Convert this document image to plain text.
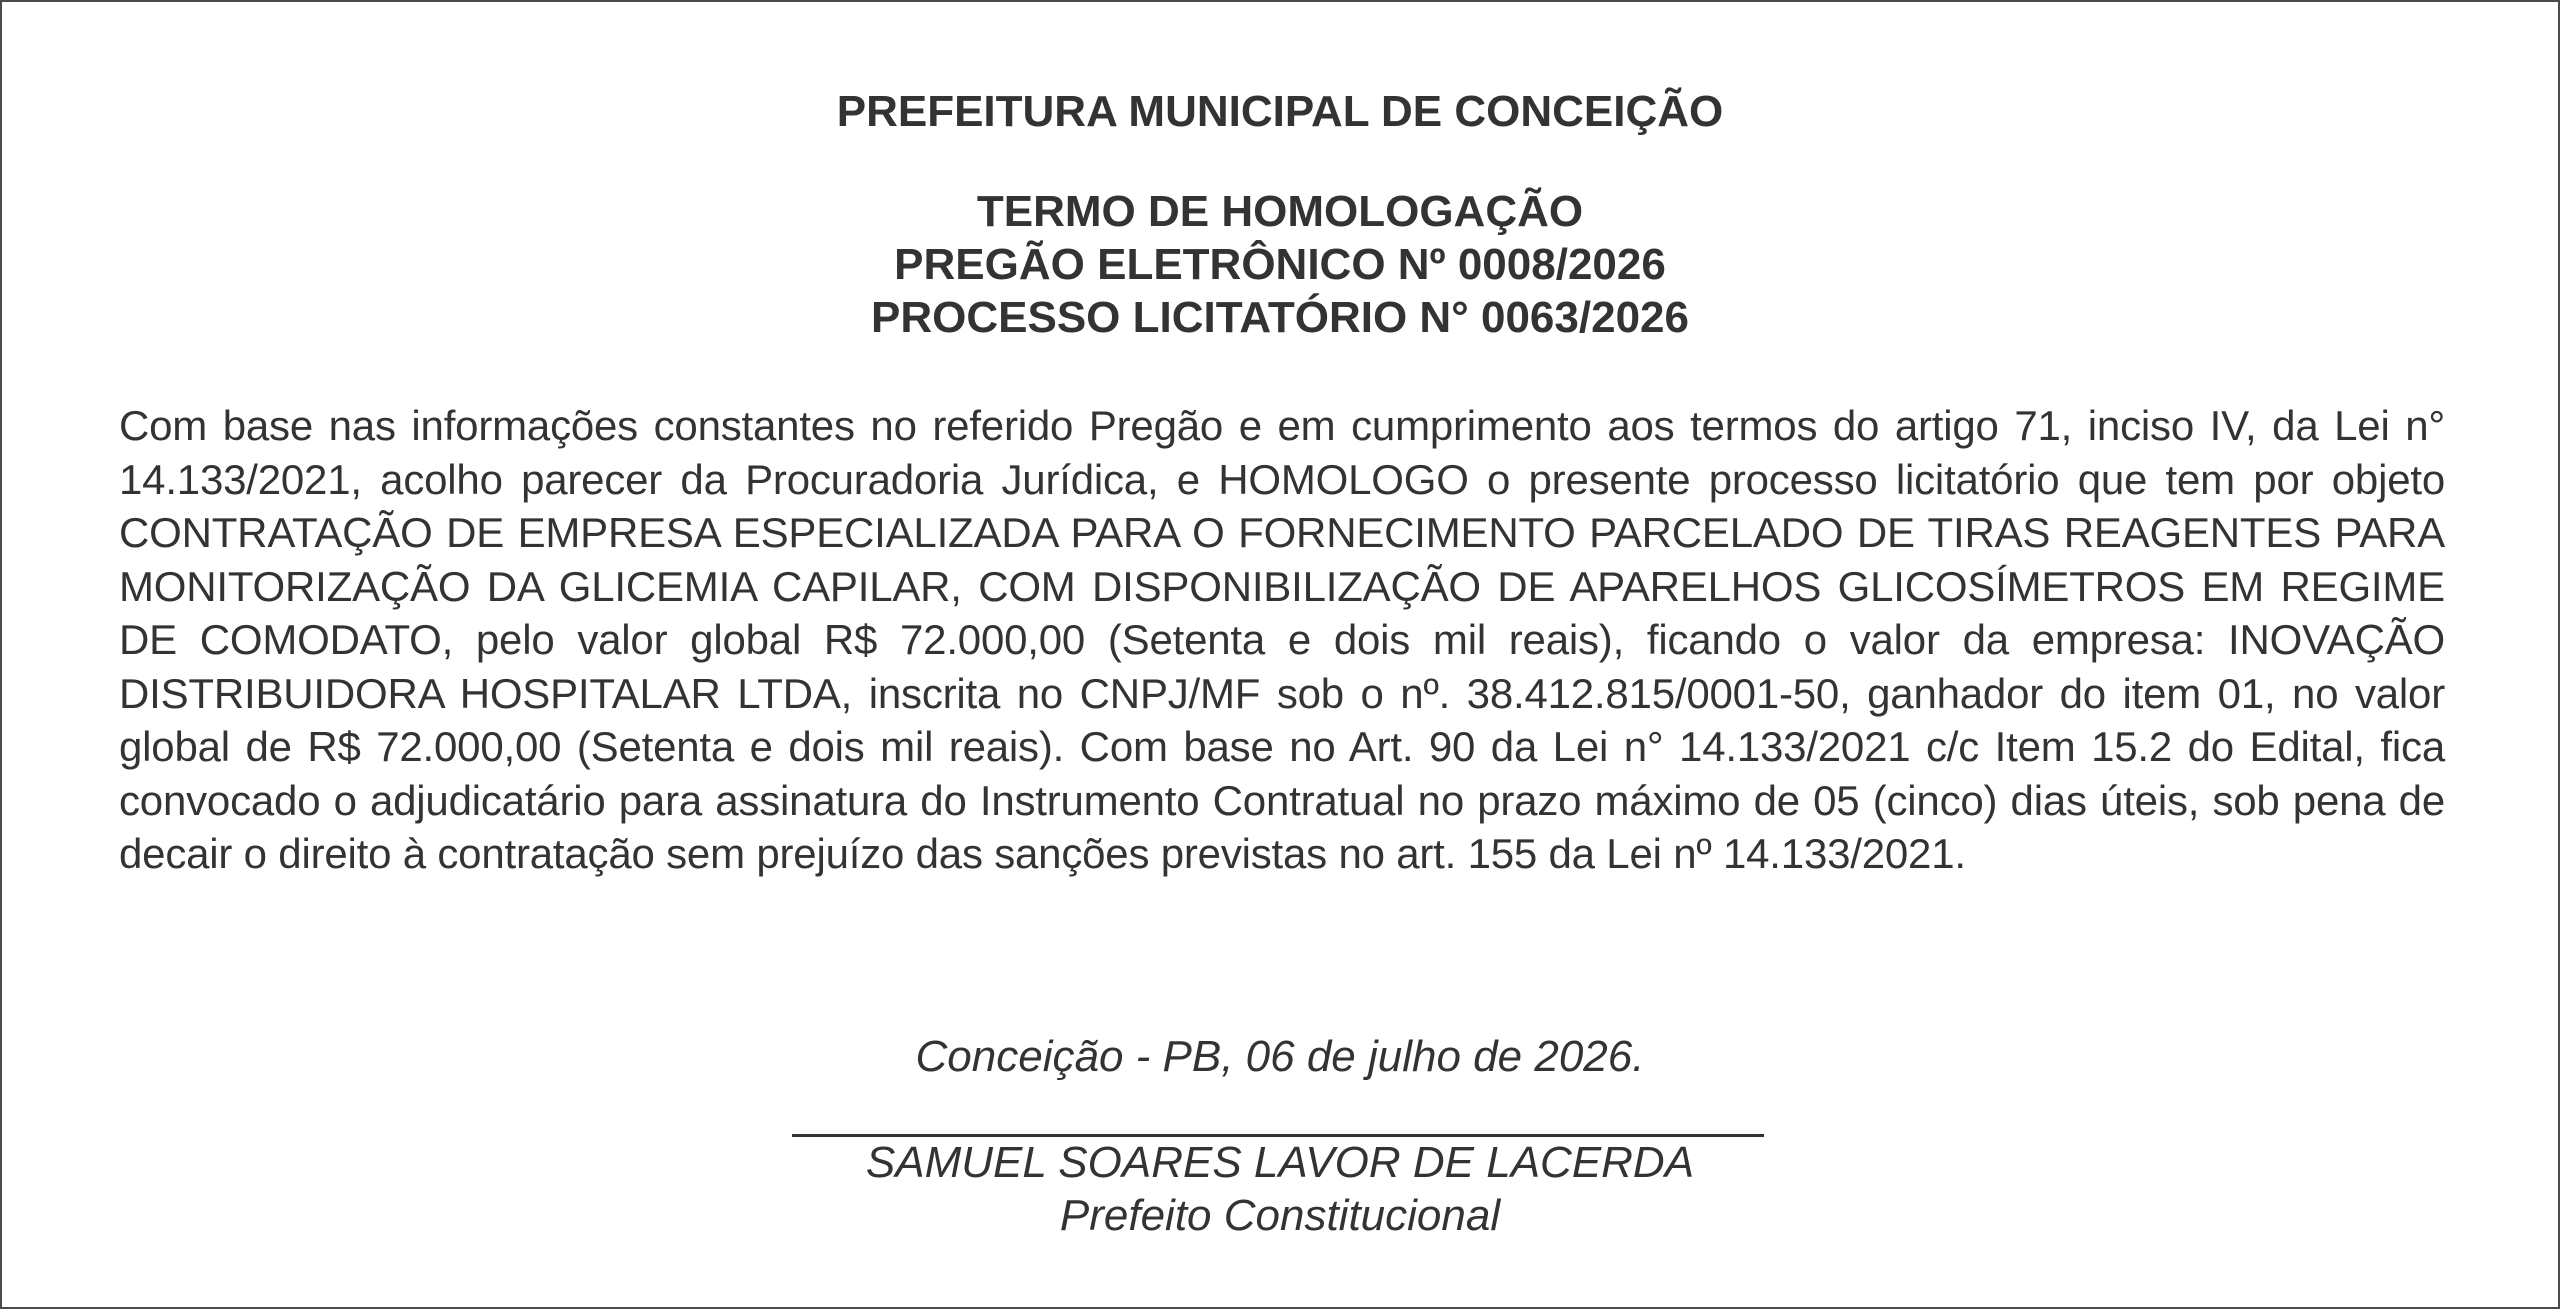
PREFEITURA MUNICIPAL DE CONCEIÇÃO
TERMO DE HOMOLOGAÇÃO
PREGÃO ELETRÔNICO Nº 0008/2026
PROCESSO LICITATÓRIO N° 0063/2026
Com base nas informações constantes no referido Pregão e em cumprimento aos termos do artigo 71, inciso IV, da Lei n° 14.133/2021, acolho parecer da Procuradoria Jurídica, e HOMOLOGO o presente processo licitatório que tem por objeto CONTRATAÇÃO DE EMPRESA ESPECIALIZADA PARA O FORNECIMENTO PARCELADO DE TIRAS REAGENTES PARA MONITORIZAÇÃO DA GLICEMIA CAPILAR, COM DISPONIBILIZAÇÃO DE APARELHOS GLICOSÍMETROS EM REGIME DE COMODATO, pelo valor global R$ 72.000,00 (Setenta e dois mil reais), ficando o valor da empresa: INOVAÇÃO DISTRIBUIDORA HOSPITALAR LTDA, inscrita no CNPJ/MF sob o nº. 38.412.815/0001-50, ganhador do item 01, no valor global de R$ 72.000,00 (Setenta e dois mil reais). Com base no Art. 90 da Lei n° 14.133/2021 c/c Item 15.2 do Edital, fica convocado o adjudicatário para assinatura do Instrumento Contratual no prazo máximo de 05 (cinco) dias úteis, sob pena de decair o direito à contratação sem prejuízo das sanções previstas no art. 155 da Lei nº 14.133/2021.
Conceição - PB, 06 de julho de 2026.
SAMUEL SOARES LAVOR DE LACERDA
Prefeito Constitucional
